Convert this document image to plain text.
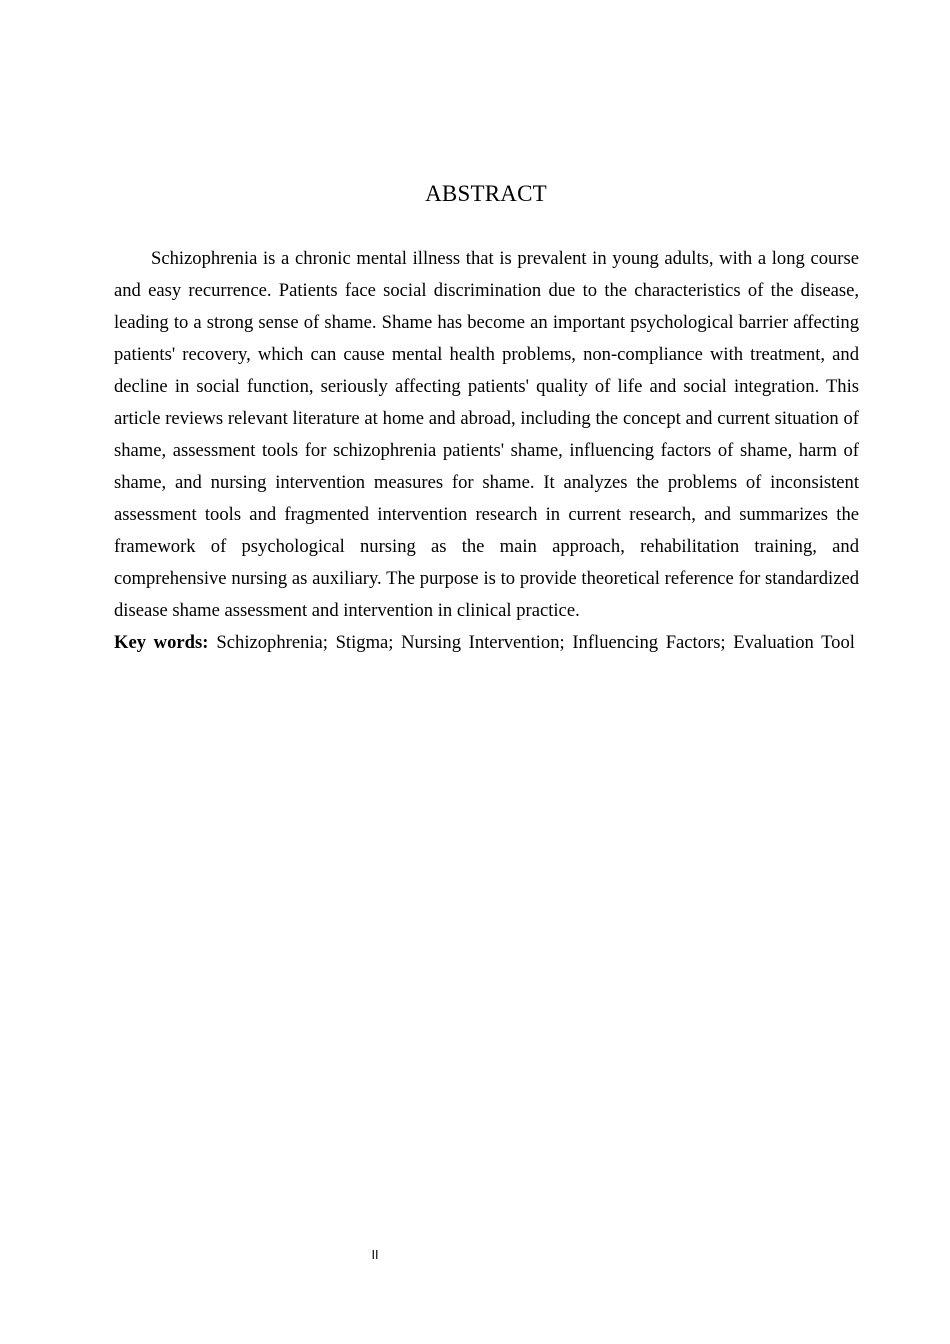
ABSTRACT

Schizophrenia is a chronic mental illness that is prevalent in young adults, with a long course and easy recurrence. Patients face social discrimination due to the characteristics of the disease, leading to a strong sense of shame. Shame has become an important psychological barrier affecting patients' recovery, which can cause mental health problems, non-compliance with treatment, and decline in social function, seriously affecting patients' quality of life and social integration. This article reviews relevant literature at home and abroad, including the concept and current situation of shame, assessment tools for schizophrenia patients' shame, influencing factors of shame, harm of shame, and nursing intervention measures for shame. It analyzes the problems of inconsistent assessment tools and fragmented intervention research in current research, and summarizes the framework of psychological nursing as the main approach, rehabilitation training, and comprehensive nursing as auxiliary. The purpose is to provide theoretical reference for standardized disease shame assessment and intervention in clinical practice.

Key words: Schizophrenia; Stigma; Nursing Intervention; Influencing Factors; Evaluation Tool

II
